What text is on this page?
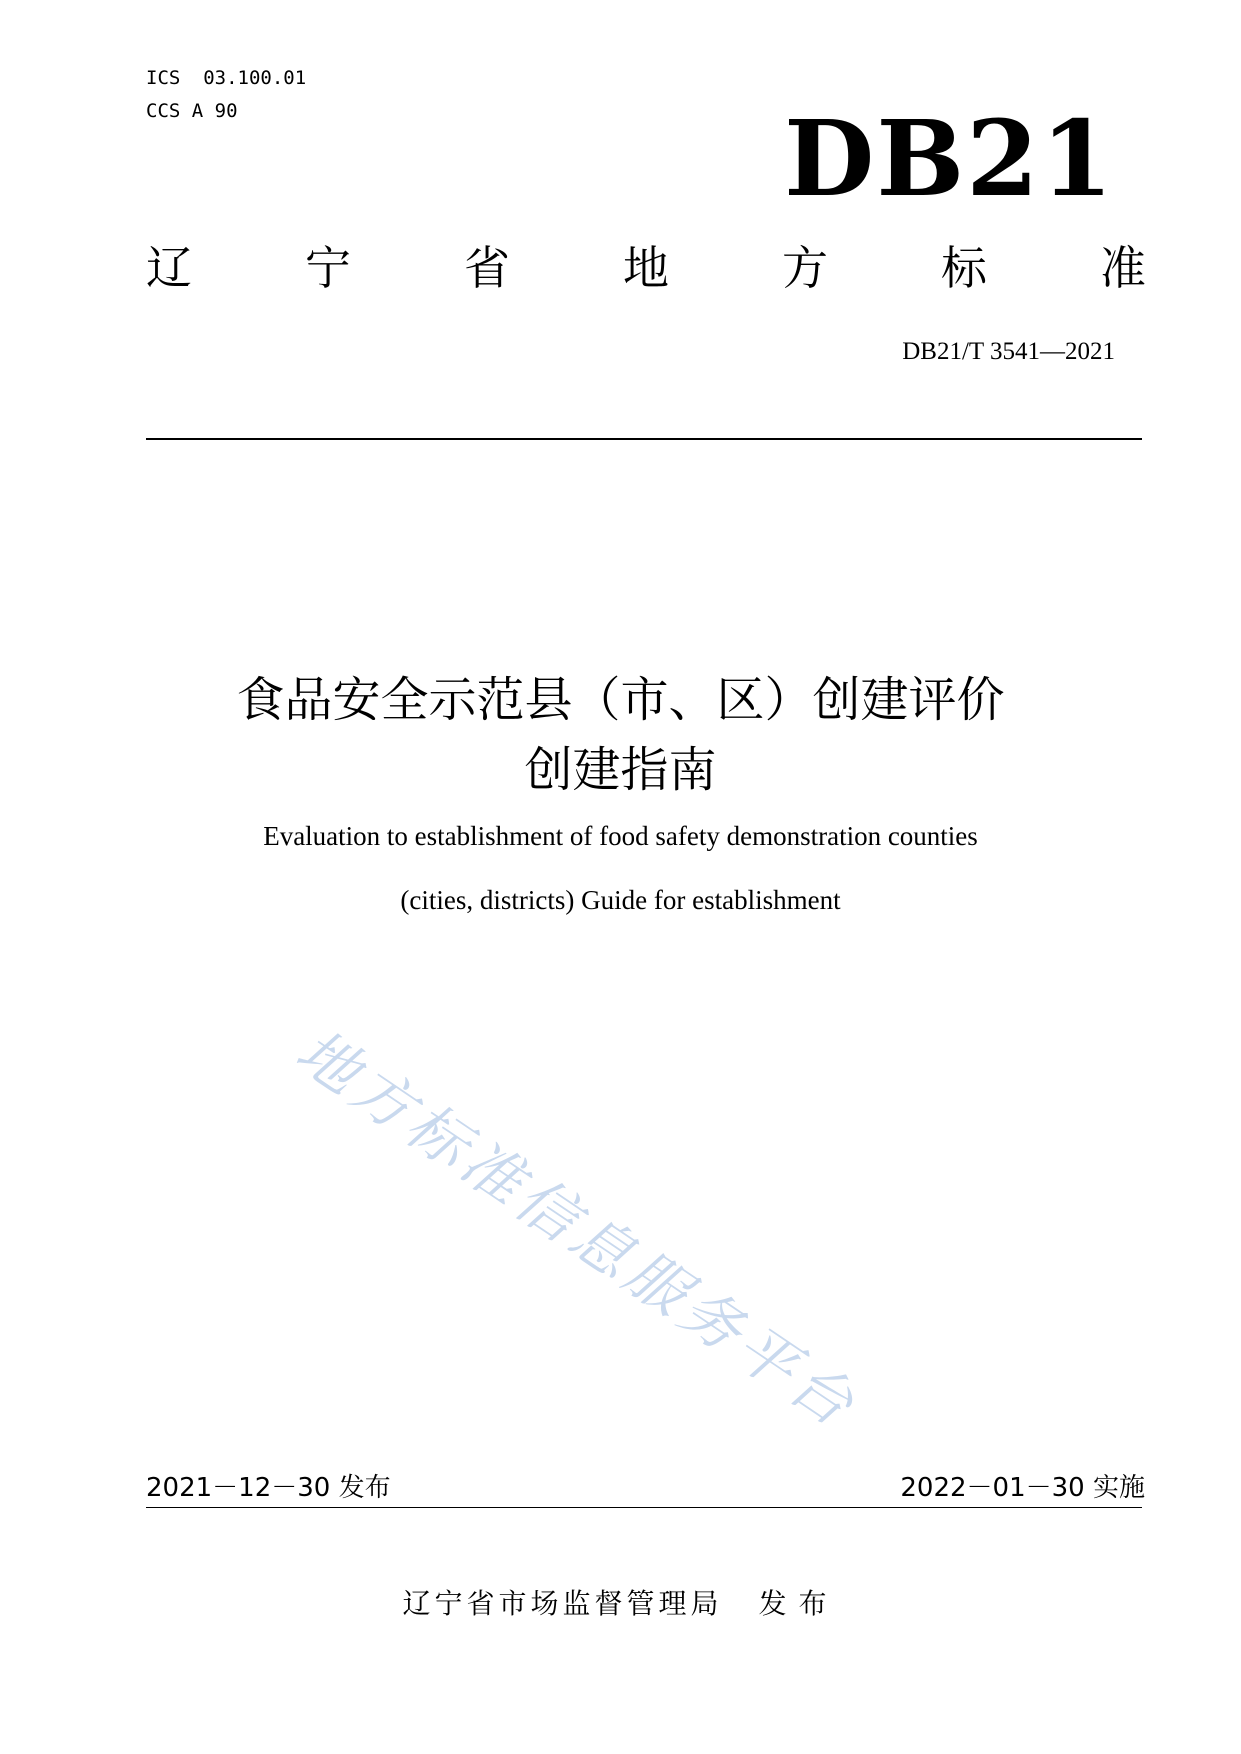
ICS  03.100.01
CCS A 90	DB21
辽 宁 省 地 方 标 准
DB21/T 3541—2021
食品安全示范县（市、区）创建评价
创建指南
Evaluation to establishment of food safety demonstration counties
(cities, districts) Guide for establishment
地方标准信息服务平台
2021－12－30 发布	2022－01－30 实施
辽宁省市场监督管理局 发布
